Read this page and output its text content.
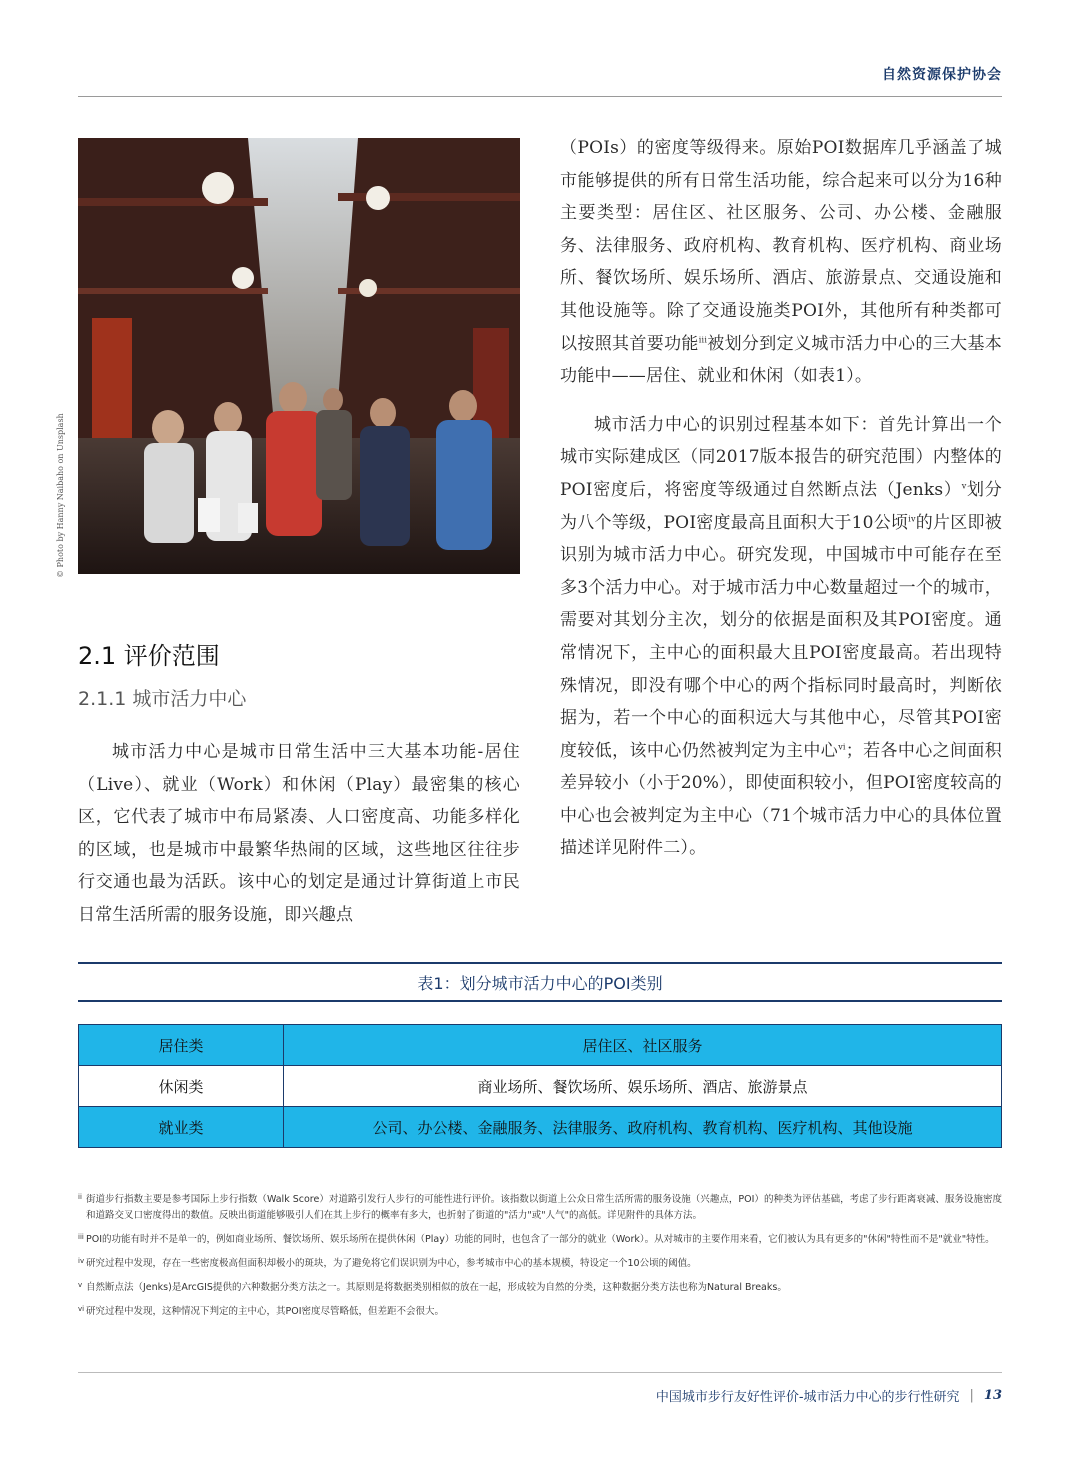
自然资源保护协会
© Photo by Hanny Naibaho on Unsplash
2.1 评价范围
2.1.1 城市活力中心

城市活力中心是城市日常生活中三大基本功能-居住（Live）、就业（Work）和休闲（Play）最密集的核心区，它代表了城市中布局紧凑、人口密度高、功能多样化的区域，也是城市中最繁华热闹的区域，这些地区往往步行交通也最为活跃。该中心的划定是通过计算街道上市民日常生活所需的服务设施，即兴趣点

（POIs）的密度等级得来。原始POI数据库几乎涵盖了城市能够提供的所有日常生活功能，综合起来可以分为16种主要类型：居住区、社区服务、公司、办公楼、金融服务、法律服务、政府机构、教育机构、医疗机构、商业场所、餐饮场所、娱乐场所、酒店、旅游景点、交通设施和其他设施等。除了交通设施类POI外，其他所有种类都可以按照其首要功能$^{iii}$被划分到定义城市活力中心的三大基本功能中——居住、就业和休闲（如表1）。

城市活力中心的识别过程基本如下：首先计算出一个城市实际建成区（同2017版本报告的研究范围）内整体的POI密度后，将密度等级通过自然断点法（Jenks）$^v$划分为八个等级，POI密度最高且面积大于10公顷$^{iv}$的片区即被识别为城市活力中心。研究发现，中国城市中可能存在至多3个活力中心。对于城市活力中心数量超过一个的城市，需要对其划分主次，划分的依据是面积及其POI密度。通常情况下，主中心的面积最大且POI密度最高。若出现特殊情况，即没有哪个中心的两个指标同时最高时，判断依据为，若一个中心的面积远大与其他中心，尽管其POI密度较低，该中心仍然被判定为主中心$^{vi}$；若各中心之间面积差异较小（小于20%），即使面积较小，但POI密度较高的中心也会被判定为主中心（71个城市活力中心的具体位置描述详见附件二）。

表1：划分城市活力中心的POI类别
居住类	居住区、社区服务
休闲类	商业场所、餐饮场所、娱乐场所、酒店、旅游景点
就业类	公司、办公楼、金融服务、法律服务、政府机构、教育机构、医疗机构、其他设施
ii 街道步行指数主要是参考国际上步行指数（Walk Score）对道路引发行人步行的可能性进行评价。该指数以街道上公众日常生活所需的服务设施（兴趣点，POI）的种类为评估基础，考虑了步行距离衰减、服务设施密度和道路交叉口密度得出的数值。反映出街道能够吸引人们在其上步行的概率有多大，也折射了街道的"活力"或"人气"的高低。详见附件的具体方法。
iii POI的功能有时并不是单一的，例如商业场所、餐饮场所、娱乐场所在提供休闲（Play）功能的同时，也包含了一部分的就业（Work）。从对城市的主要作用来看，它们被认为具有更多的"休闲"特性而不是"就业"特性。
iv 研究过程中发现，存在一些密度极高但面积却极小的斑块，为了避免将它们误识别为中心，参考城市中心的基本规模，特设定一个10公顷的阈值。
v 自然断点法（Jenks)是ArcGIS提供的六种数据分类方法之一。其原则是将数据类别相似的放在一起，形成较为自然的分类，这种数据分类方法也称为Natural Breaks。
vi 研究过程中发现，这种情况下判定的主中心，其POI密度尽管略低，但差距不会很大。
中国城市步行友好性评价-城市活力中心的步行性研究 | 13
